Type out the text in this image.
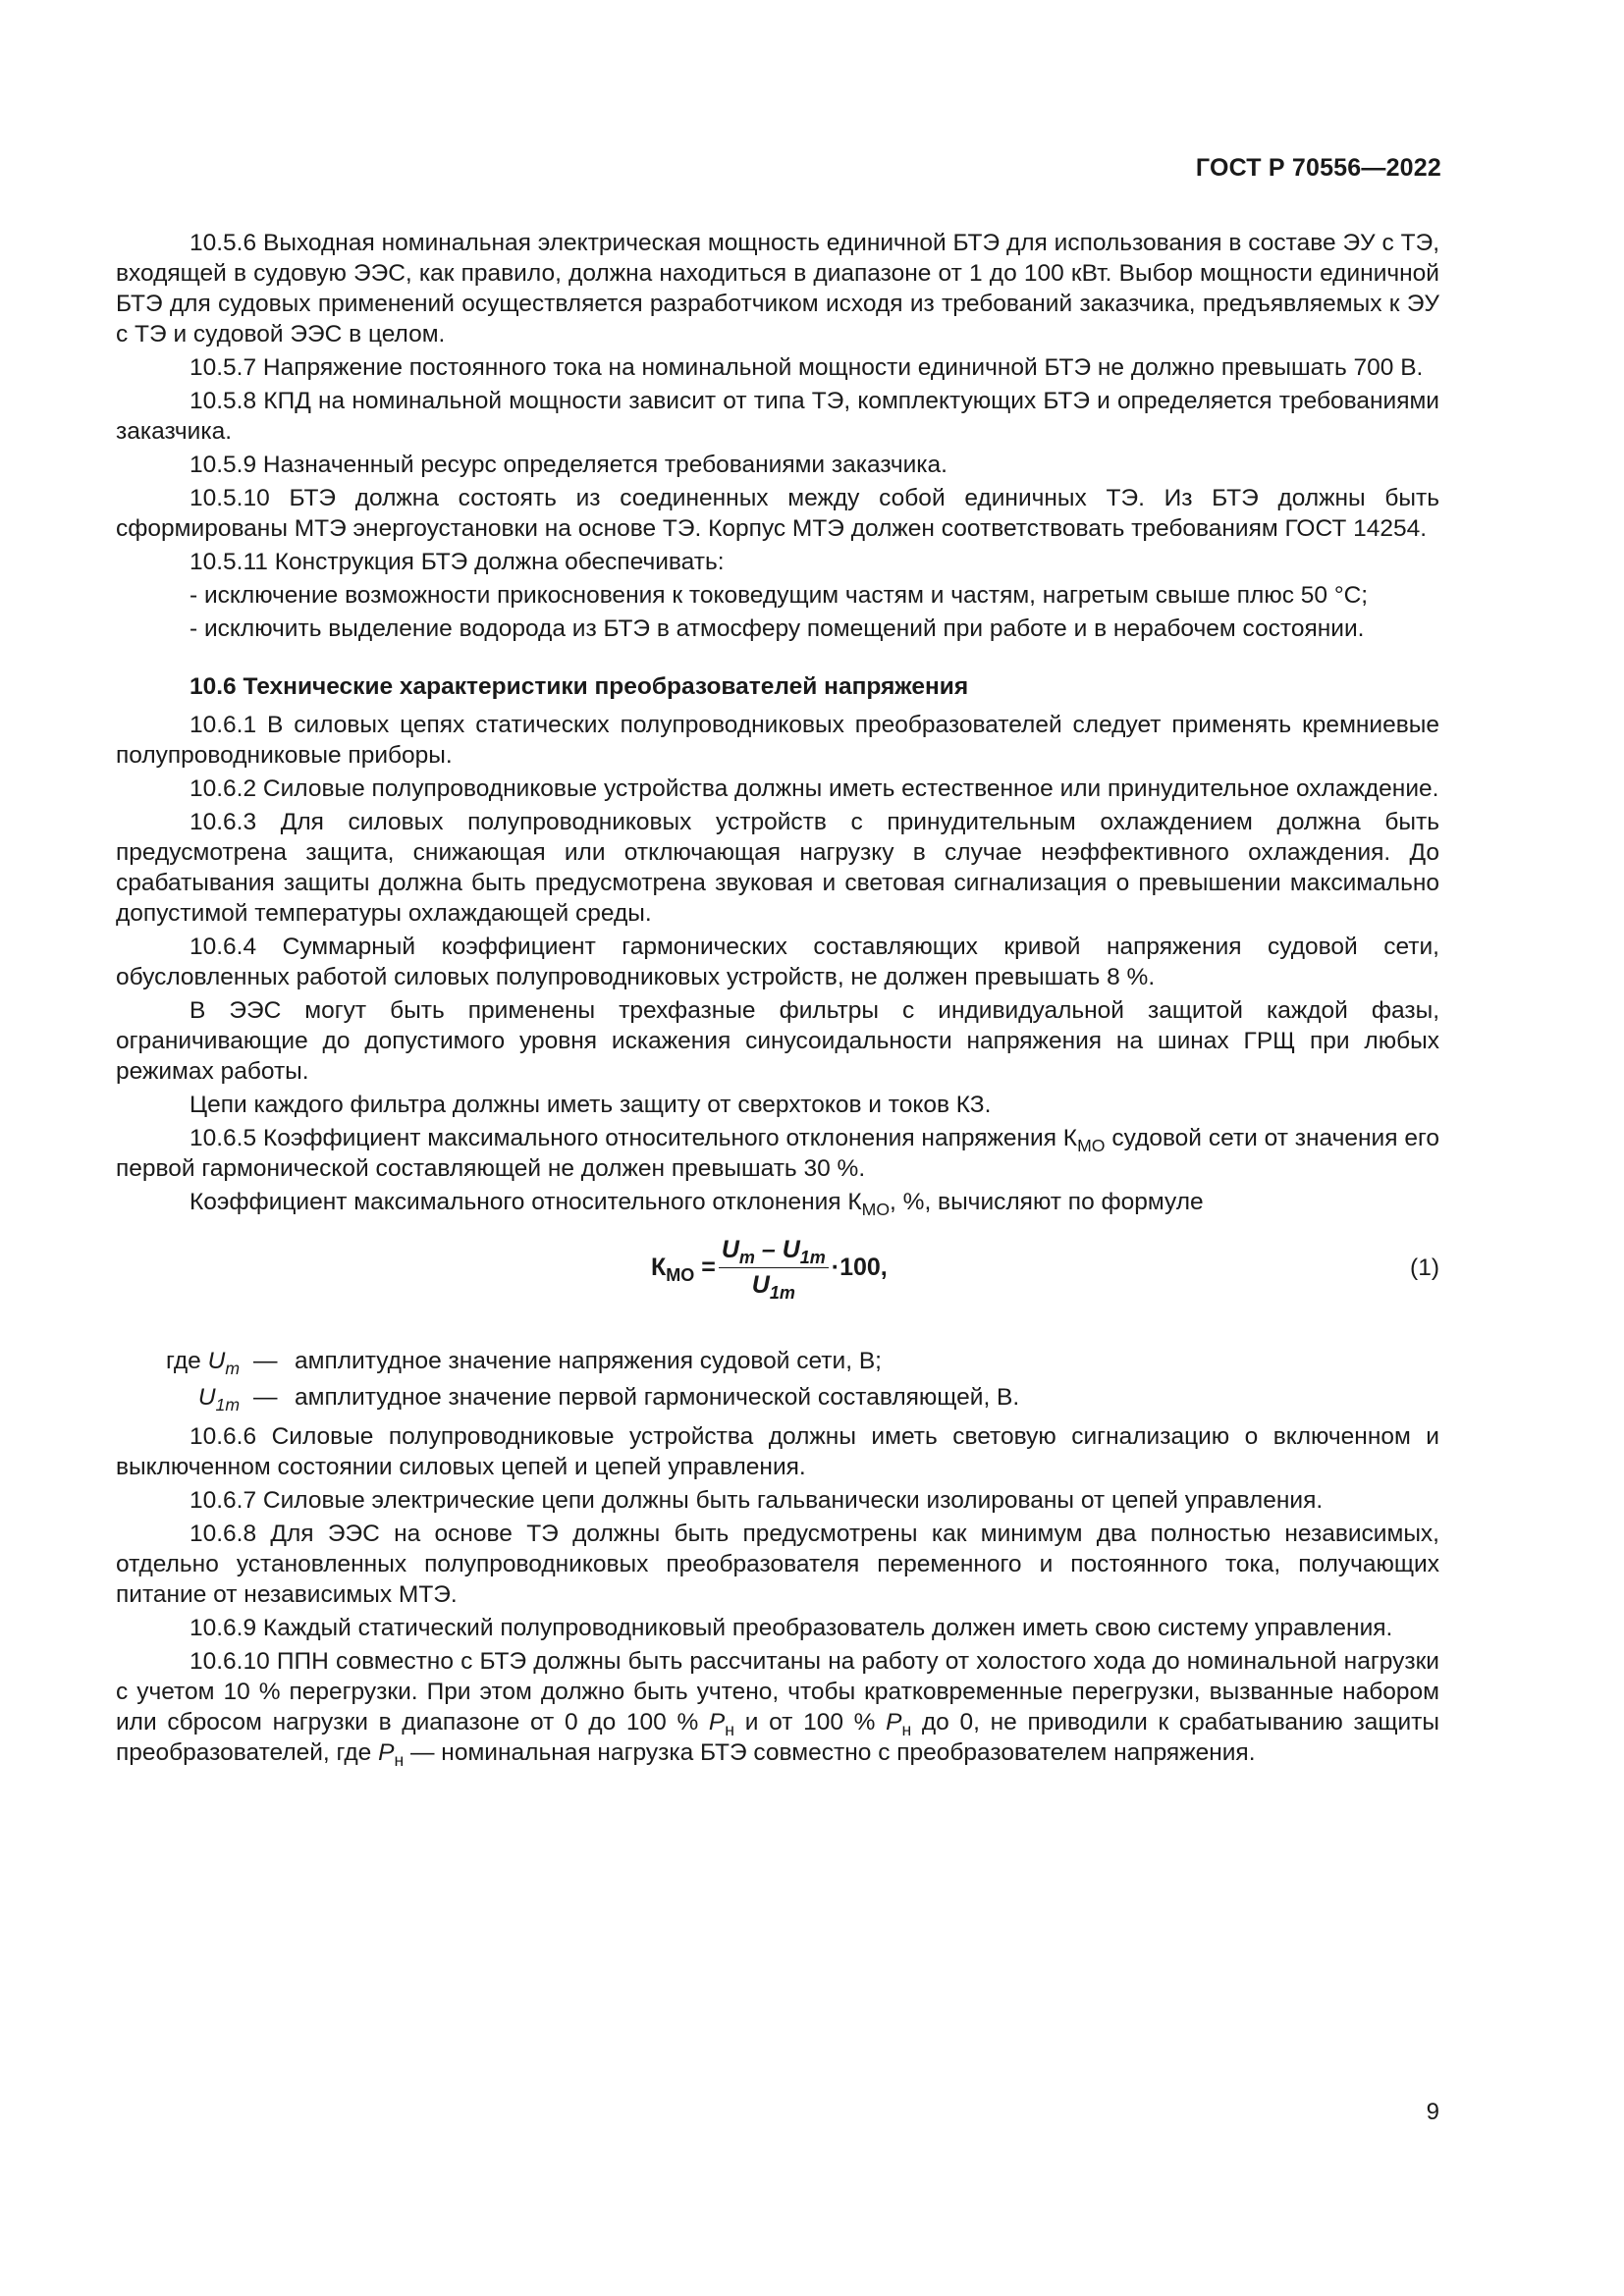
ГОСТ Р 70556—2022

10.5.6 Выходная номинальная электрическая мощность единичной БТЭ для использования в составе ЭУ с ТЭ, входящей в судовую ЭЭС, как правило, должна находиться в диапазоне от 1 до 100 кВт. Выбор мощности единичной БТЭ для судовых применений осуществляется разработчиком исходя из требований заказчика, предъявляемых к ЭУ с ТЭ и судовой ЭЭС в целом.

10.5.7 Напряжение постоянного тока на номинальной мощности единичной БТЭ не должно превышать 700 В.

10.5.8 КПД на номинальной мощности зависит от типа ТЭ, комплектующих БТЭ и определяется требованиями заказчика.

10.5.9 Назначенный ресурс определяется требованиями заказчика.

10.5.10 БТЭ должна состоять из соединенных между собой единичных ТЭ. Из БТЭ должны быть сформированы МТЭ энергоустановки на основе ТЭ. Корпус МТЭ должен соответствовать требованиям ГОСТ 14254.

10.5.11 Конструкция БТЭ должна обеспечивать:

- исключение возможности прикосновения к токоведущим частям и частям, нагретым свыше плюс 50 °С;

- исключить выделение водорода из БТЭ в атмосферу помещений при работе и в нерабочем состоянии.

10.6 Технические характеристики преобразователей напряжения

10.6.1 В силовых цепях статических полупроводниковых преобразователей следует применять кремниевые полупроводниковые приборы.

10.6.2 Силовые полупроводниковые устройства должны иметь естественное или принудительное охлаждение.

10.6.3 Для силовых полупроводниковых устройств с принудительным охлаждением должна быть предусмотрена защита, снижающая или отключающая нагрузку в случае неэффективного охлаждения. До срабатывания защиты должна быть предусмотрена звуковая и световая сигнализация о превышении максимально допустимой температуры охлаждающей среды.

10.6.4 Суммарный коэффициент гармонических составляющих кривой напряжения судовой сети, обусловленных работой силовых полупроводниковых устройств, не должен превышать 8 %.

В ЭЭС могут быть применены трехфазные фильтры с индивидуальной защитой каждой фазы, ограничивающие до допустимого уровня искажения синусоидальности напряжения на шинах ГРЩ при любых режимах работы.

Цепи каждого фильтра должны иметь защиту от сверхтоков и токов КЗ.

10.6.5 Коэффициент максимального относительного отклонения напряжения $К_{МО}$ судовой сети от значения его первой гармонической составляющей не должен превышать 30 %.

Коэффициент максимального относительного отклонения $К_{МО}$, %, вычисляют по формуле

$К_{МО} = \frac{U_m - U_{1m}}{U_{1m}} \cdot 100$,	(1)
где $U_m$ — амплитудное значение напряжения судовой сети, В;
$U_{1m}$ — амплитудное значение первой гармонической составляющей, В.

10.6.6 Силовые полупроводниковые устройства должны иметь световую сигнализацию о включенном и выключенном состоянии силовых цепей и цепей управления.

10.6.7 Силовые электрические цепи должны быть гальванически изолированы от цепей управления.

10.6.8 Для ЭЭС на основе ТЭ должны быть предусмотрены как минимум два полностью независимых, отдельно установленных полупроводниковых преобразователя переменного и постоянного тока, получающих питание от независимых МТЭ.

10.6.9 Каждый статический полупроводниковый преобразователь должен иметь свою систему управления.

10.6.10 ППН совместно с БТЭ должны быть рассчитаны на работу от холостого хода до номинальной нагрузки с учетом 10 % перегрузки. При этом должно быть учтено, чтобы кратковременные перегрузки, вызванные набором или сбросом нагрузки в диапазоне от 0 до 100 % $P_н$ и от 100 % $P_н$ до 0, не приводили к срабатыванию защиты преобразователей, где $P_н$ — номинальная нагрузка БТЭ совместно с преобразователем напряжения.

9
